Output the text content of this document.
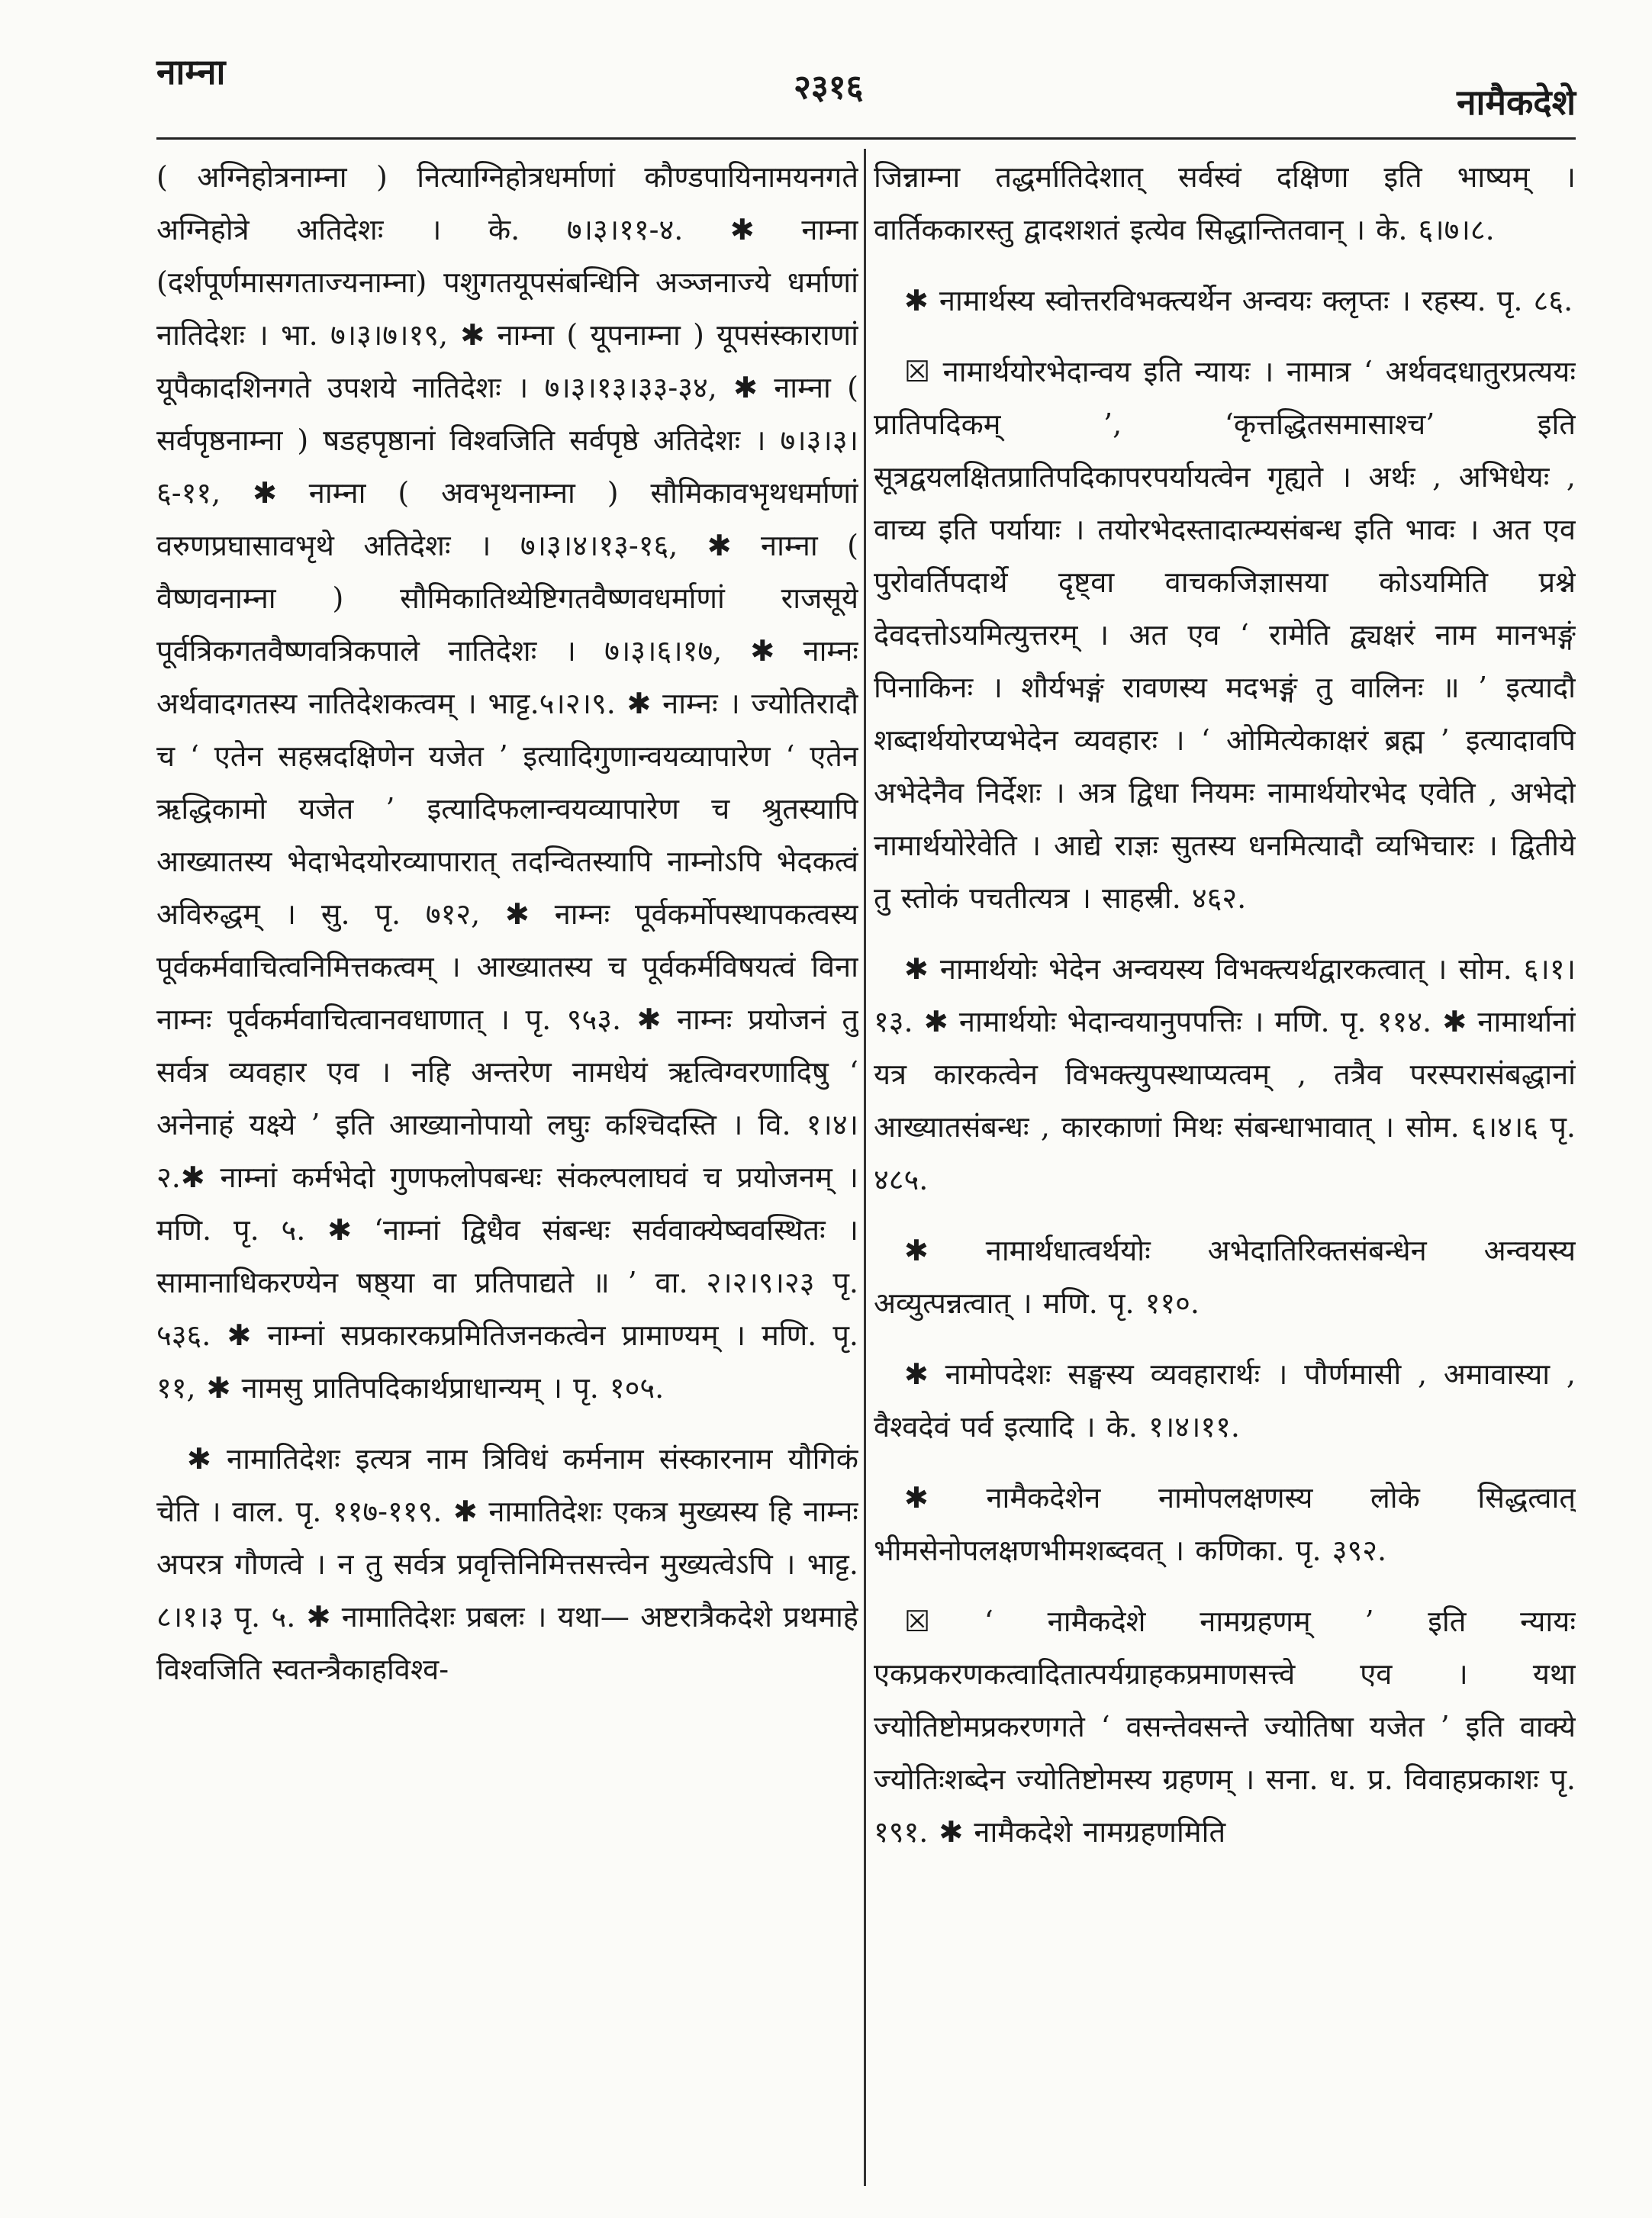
नाम्ना	२३१६	नामैकदेशे

( अग्निहोत्रनाम्ना ) नित्याग्निहोत्रधर्माणां कौण्डपायिनामयनगते अग्निहोत्रे अतिदेशः । के. ७।३।११-४. ✱ नाम्ना (दर्शपूर्णमासगताज्यनाम्ना) पशुगतयूपसंबन्धिनि अञ्जनाज्ये धर्माणां नातिदेशः । भा. ७।३।७।१९, ✱ नाम्ना ( यूपनाम्ना ) यूपसंस्काराणां यूपैकादशिनगते उपशये नातिदेशः । ७।३।१३।३३-३४, ✱ नाम्ना ( सर्वपृष्ठनाम्ना ) षडहपृष्ठानां विश्वजिति सर्वपृष्ठे अतिदेशः । ७।३।३।६-११, ✱ नाम्ना ( अवभृथनाम्ना ) सौमिकावभृथधर्माणां वरुणप्रघासावभृथे अतिदेशः । ७।३।४।१३-१६, ✱ नाम्ना ( वैष्णवनाम्ना ) सौमिकातिथ्येष्टिगतवैष्णवधर्माणां राजसूये पूर्वत्रिकगतवैष्णवत्रिकपाले नातिदेशः । ७।३।६।१७, ✱ नाम्नः अर्थवादगतस्य नातिदेशकत्वम् । भाट्ट.५।२।९. ✱ नाम्नः । ज्योतिरादौ च ‘ एतेन सहस्रदक्षिणेन यजेत ’ इत्यादिगुणान्वयव्यापारेण ‘ एतेन ऋद्धिकामो यजेत ’ इत्यादिफलान्वयव्यापारेण च श्रुतस्यापि आख्यातस्य भेदाभेदयोरव्यापारात् तदन्वितस्यापि नाम्नोऽपि भेदकत्वं अविरुद्धम् । सु. पृ. ७१२, ✱ नाम्नः पूर्वकर्मोपस्थापकत्वस्य पूर्वकर्मवाचित्वनिमित्तकत्वम् । आख्यातस्य च पूर्वकर्मविषयत्वं विना नाम्नः पूर्वकर्मवाचित्वानवधाणात् । पृ. ९५३. ✱ नाम्नः प्रयोजनं तु सर्वत्र व्यवहार एव । नहि अन्तरेण नामधेयं ऋत्विग्वरणादिषु ‘ अनेनाहं यक्ष्ये ’ इति आख्यानोपायो लघुः कश्चिदस्ति । वि. १।४।२.✱ नाम्नां कर्मभेदो गुणफलोपबन्धः संकल्पलाघवं च प्रयोजनम् । मणि. पृ. ५. ✱ ‘नाम्नां द्विधैव संबन्धः सर्ववाक्येष्ववस्थितः । सामानाधिकरण्येन षष्ठ्या वा प्रतिपाद्यते ॥ ’ वा. २।२।९।२३ पृ. ५३६. ✱ नाम्नां सप्रकारकप्रमितिजनकत्वेन प्रामाण्यम् । मणि. पृ. ११, ✱ नामसु प्रातिपदिकार्थप्राधान्यम् । पृ. १०५.

✱ नामातिदेशः इत्यत्र नाम त्रिविधं कर्मनाम संस्कारनाम यौगिकं चेति । वाल. पृ. ११७-११९. ✱ नामातिदेशः एकत्र मुख्यस्य हि नाम्नः अपरत्र गौणत्वे । न तु सर्वत्र प्रवृत्तिनिमित्तसत्त्वेन मुख्यत्वेऽपि । भाट्ट. ८।१।३ पृ. ५. ✱ नामातिदेशः प्रबलः । यथा— अष्टरात्रैकदेशे प्रथमाहे विश्वजिति स्वतन्त्रैकाहविश्व-

जिन्नाम्ना तद्धर्मातिदेशात् सर्वस्वं दक्षिणा इति भाष्यम् । वार्तिककारस्तु द्वादशशतं इत्येव सिद्धान्तितवान् । के. ६।७।८.

✱ नामार्थस्य स्वोत्तरविभक्त्यर्थेन अन्वयः क्लृप्तः । रहस्य. पृ. ८६.

☒ नामार्थयोरभेदान्वय इति न्यायः । नामात्र ‘ अर्थवदधातुरप्रत्ययः प्रातिपदिकम् ’, ‘कृत्तद्धितसमासाश्च’ इति सूत्रद्वयलक्षितप्रातिपदिकापरपर्यायत्वेन गृह्यते । अर्थः , अभिधेयः , वाच्य इति पर्यायाः । तयोरभेदस्तादात्म्यसंबन्ध इति भावः । अत एव पुरोवर्तिपदार्थे दृष्ट्वा वाचकजिज्ञासया कोऽयमिति प्रश्ने देवदत्तोऽयमित्युत्तरम् । अत एव ‘ रामेति द्व्यक्षरं नाम मानभङ्गं पिनाकिनः । शौर्यभङ्गं रावणस्य मदभङ्गं तु वालिनः ॥ ’ इत्यादौ शब्दार्थयोरप्यभेदेन व्यवहारः । ‘ ओमित्येकाक्षरं ब्रह्म ’ इत्यादावपि अभेदेनैव निर्देशः । अत्र द्विधा नियमः नामार्थयोरभेद एवेति , अभेदो नामार्थयोरेवेति । आद्ये राज्ञः सुतस्य धनमित्यादौ व्यभिचारः । द्वितीये तु स्तोकं पचतीत्यत्र । साहस्री. ४६२.

✱ नामार्थयोः भेदेन अन्वयस्य विभक्त्यर्थद्वारकत्वात् । सोम. ६।१।१३. ✱ नामार्थयोः भेदान्वयानुपपत्तिः । मणि. पृ. ११४. ✱ नामार्थानां यत्र कारकत्वेन विभक्त्युपस्थाप्यत्वम् , तत्रैव परस्परासंबद्धानां आख्यातसंबन्धः , कारकाणां मिथः संबन्धाभावात् । सोम. ६।४।६ पृ. ४८५.

✱ नामार्थधात्वर्थयोः अभेदातिरिक्तसंबन्धेन अन्वयस्य अव्युत्पन्नत्वात् । मणि. पृ. ११०.

✱ नामोपदेशः सङ्घस्य व्यवहारार्थः । पौर्णमासी , अमावास्या , वैश्वदेवं पर्व इत्यादि । के. १।४।११.

✱ नामैकदेशेन नामोपलक्षणस्य लोके सिद्धत्वात् भीमसेनोपलक्षणभीमशब्दवत् । कणिका. पृ. ३९२.

☒ ‘ नामैकदेशे नामग्रहणम् ’ इति न्यायः एकप्रकरणकत्वादितात्पर्यग्राहकप्रमाणसत्त्वे एव । यथा ज्योतिष्टोमप्रकरणगते ‘ वसन्तेवसन्ते ज्योतिषा यजेत ’ इति वाक्ये ज्योतिःशब्देन ज्योतिष्टोमस्य ग्रहणम् । सना. ध. प्र. विवाहप्रकाशः पृ. १९१. ✱ नामैकदेशे नामग्रहणमिति
